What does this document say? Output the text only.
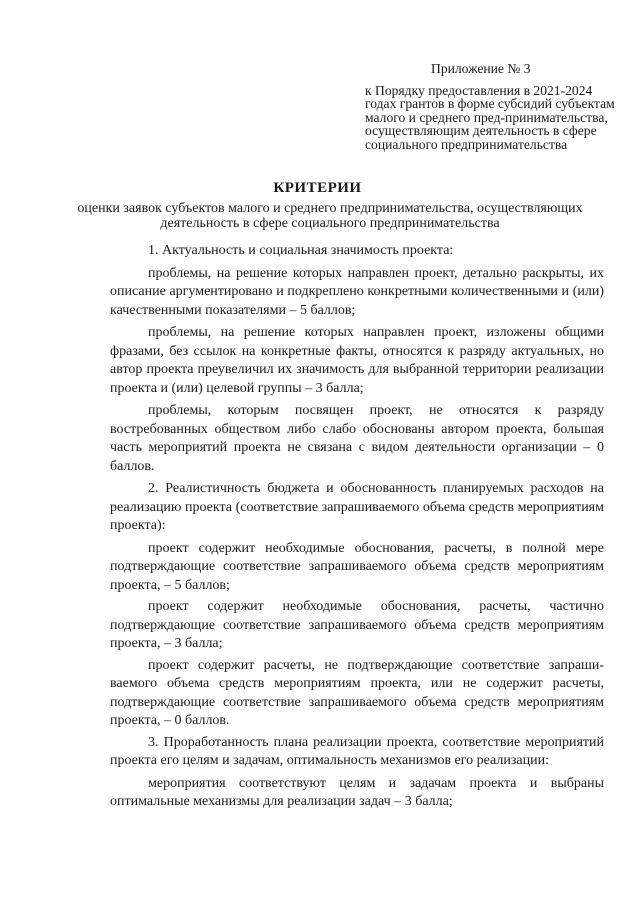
Приложение № 3
к Порядку предоставления в 2021-2024 годах грантов в форме субсидий субъектам малого и среднего пред-принимательства, осуществляющим деятельность в сфере социального предпринимательства
КРИТЕРИИ
оценки заявок субъектов малого и среднего предпринимательства, осуществляющих деятельность в сфере социального предпринимательства

1. Актуальность и социальная значимость проекта:

проблемы, на решение которых направлен проект, детально раскрыты, их описание аргументировано и подкреплено конкретными количественными и (или) качественными показателями – 5 баллов;

проблемы, на решение которых направлен проект, изложены общими фразами, без ссылок на конкретные факты, относятся к разряду актуальных, но автор проекта преувеличил их значимость для выбранной территории реализации проекта и (или) целевой группы – 3 балла;

проблемы, которым посвящен проект, не относятся к разряду востребованных обществом либо слабо обоснованы автором проекта, большая часть мероприятий проекта не связана с видом деятельности организации – 0 баллов.

2. Реалистичность бюджета и обоснованность планируемых расходов на реализацию проекта (соответствие запрашиваемого объема средств мероприятиям проекта):

проект содержит необходимые обоснования, расчеты, в полной мере подтверждающие соответствие запрашиваемого объема средств мероприятиям проекта, – 5 баллов;

проект содержит необходимые обоснования, расчеты, частично подтверждающие соответствие запрашиваемого объема средств мероприятиям проекта, – 3 балла;

проект содержит расчеты, не подтверждающие соответствие запраши-ваемого объема средств мероприятиям проекта, или не содержит расчеты, подтверждающие соответствие запрашиваемого объема средств мероприятиям проекта, – 0 баллов.

3. Проработанность плана реализации проекта, соответствие мероприятий проекта его целям и задачам, оптимальность механизмов его реализации:

мероприятия соответствуют целям и задачам проекта и выбраны оптимальные механизмы для реализации задач – 3 балла;
